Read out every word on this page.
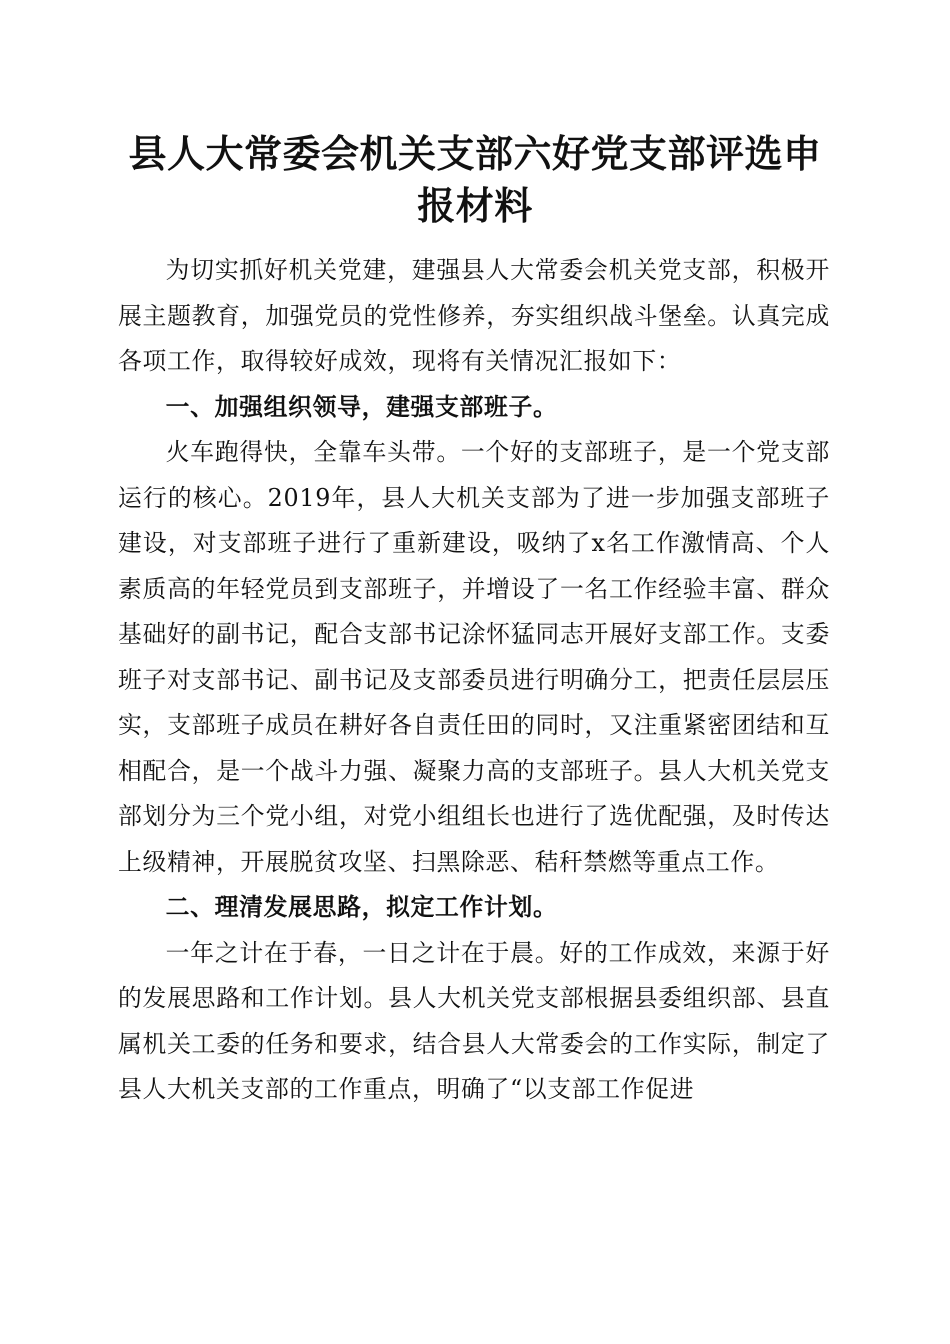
县人大常委会机关支部六好党支部评选申报材料

为切实抓好机关党建，建强县人大常委会机关党支部，积极开展主题教育，加强党员的党性修养，夯实组织战斗堡垒。认真完成各项工作，取得较好成效，现将有关情况汇报如下：

一、加强组织领导，建强支部班子。

火车跑得快，全靠车头带。一个好的支部班子，是一个党支部运行的核心。2019年，县人大机关支部为了进一步加强支部班子建设，对支部班子进行了重新建设，吸纳了x名工作激情高、个人素质高的年轻党员到支部班子，并增设了一名工作经验丰富、群众基础好的副书记，配合支部书记涂怀猛同志开展好支部工作。支委班子对支部书记、副书记及支部委员进行明确分工，把责任层层压实，支部班子成员在耕好各自责任田的同时，又注重紧密团结和互相配合，是一个战斗力强、凝聚力高的支部班子。县人大机关党支部划分为三个党小组，对党小组组长也进行了选优配强，及时传达上级精神，开展脱贫攻坚、扫黑除恶、秸秆禁燃等重点工作。

二、理清发展思路，拟定工作计划。

一年之计在于春，一日之计在于晨。好的工作成效，来源于好的发展思路和工作计划。县人大机关党支部根据县委组织部、县直属机关工委的任务和要求，结合县人大常委会的工作实际，制定了县人大机关支部的工作重点，明确了“以支部工作促进
